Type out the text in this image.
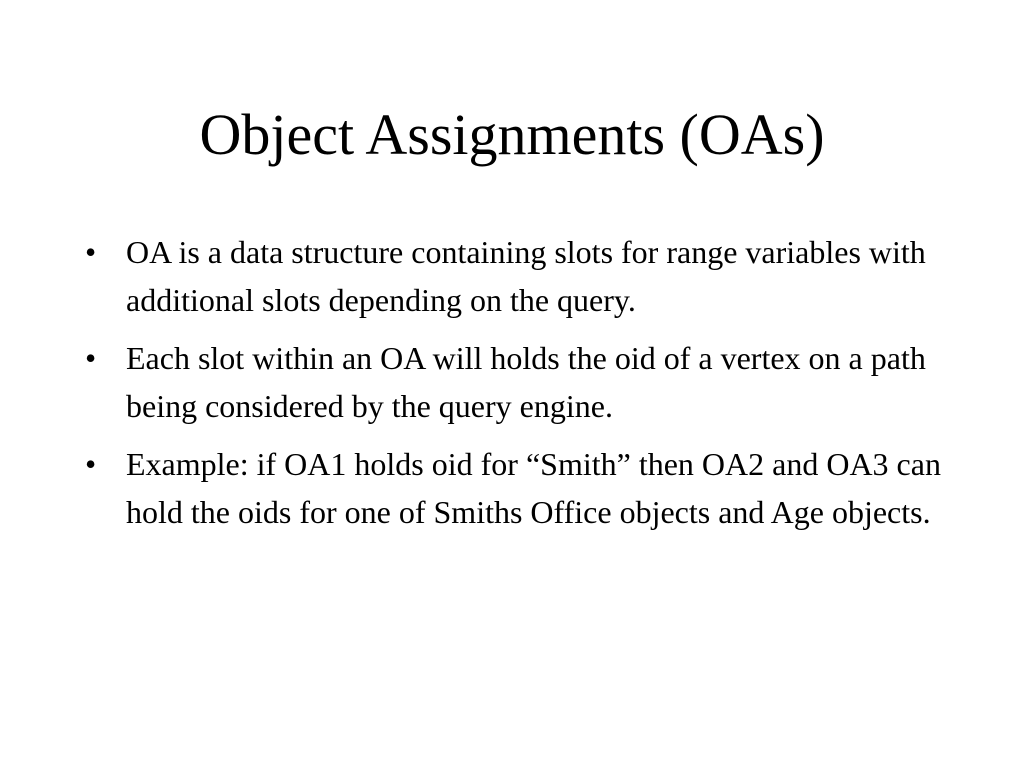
Object Assignments (OAs)
• OA is a data structure containing slots for range variables with additional slots depending on the query.
• Each slot within an OA will holds the oid of a vertex on a path being considered by the query engine.
• Example: if OA1 holds oid for “Smith” then OA2 and OA3 can hold the oids for one of Smiths Office objects and Age objects.
